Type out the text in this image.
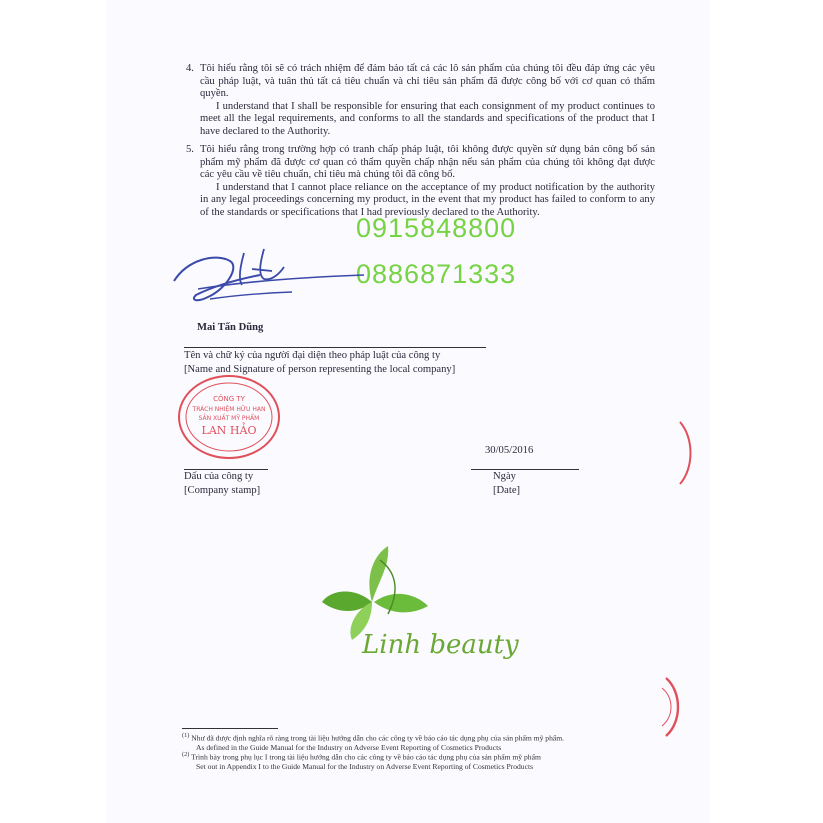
4. Tôi hiểu rằng tôi sẽ có trách nhiệm để đảm bảo tất cả các lô sản phẩm của chúng tôi đều đáp ứng các yêu cầu pháp luật, và tuân thủ tất cả tiêu chuẩn và chỉ tiêu sản phẩm đã được công bố với cơ quan có thẩm quyền.
I understand that I shall be responsible for ensuring that each consignment of my product continues to meet all the legal requirements, and conforms to all the standards and specifications of the product that I have declared to the Authority.
5. Tôi hiểu rằng trong trường hợp có tranh chấp pháp luật, tôi không được quyền sử dụng bản công bố sản phẩm mỹ phẩm đã được cơ quan có thẩm quyền chấp nhận nếu sản phẩm của chúng tôi không đạt được các yêu cầu về tiêu chuẩn, chỉ tiêu mà chúng tôi đã công bố.
I understand that I cannot place reliance on the acceptance of my product notification by the authority in any legal proceedings concerning my product, in the event that my product has failed to conform to any of the standards or specifications that I had previously declared to the Authority.
0915848800
0886871333
Mai Tấn Dũng
Tên và chữ ký của người đại diện theo pháp luật của công ty
[Name and Signature of person representing the local company]
CÔNG TY
TRÁCH NHIỆM HỮU HẠN
SẢN XUẤT MỸ PHẨM
LAN HẢO
30/05/2016
Dấu của công ty
[Company stamp]
Ngày
[Date]
Linh beauty
$^{(1)}$ Như đã được định nghĩa rõ ràng trong tài liệu hướng dẫn cho các công ty về báo cáo tác dụng phụ của sản phẩm mỹ phẩm.
As defined in the Guide Manual for the Industry on Adverse Event Reporting of Cosmetics Products
$^{(2)}$ Trình bày trong phụ lục I trong tài liệu hướng dẫn cho các công ty về báo cáo tác dụng phụ của sản phẩm mỹ phẩm
Set out in Appendix I to the Guide Manual for the Industry on Adverse Event Reporting of Cosmetics Products
